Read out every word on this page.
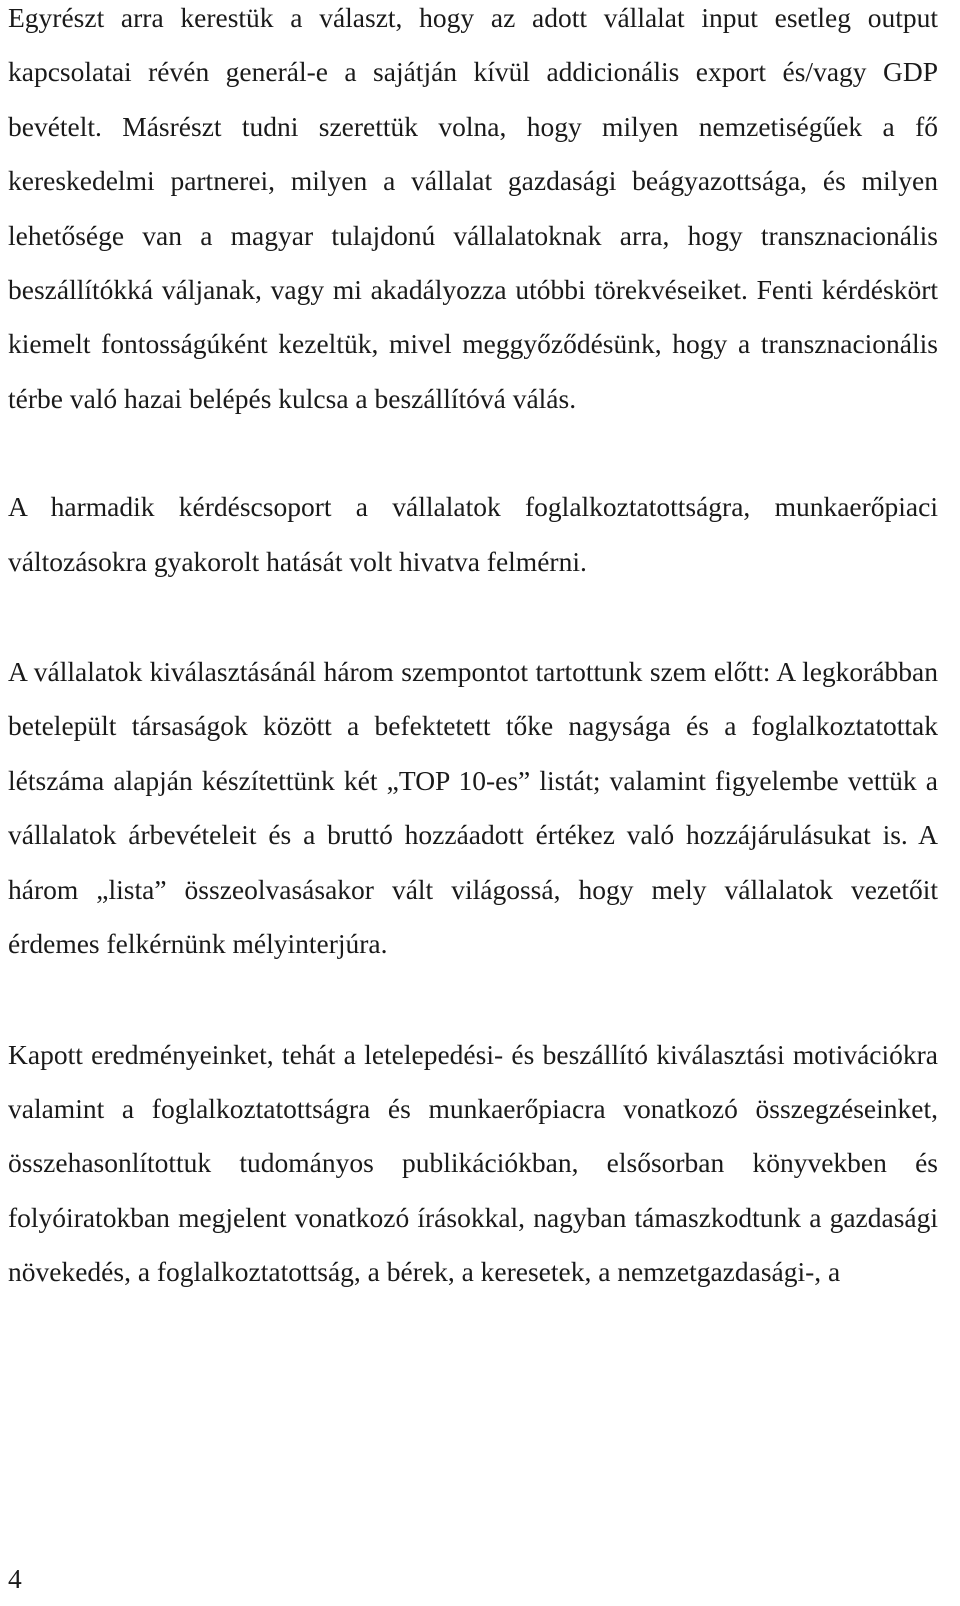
Egyrészt arra kerestük a választ, hogy az adott vállalat input esetleg output kapcsolatai révén generál-e a sajátján kívül addicionális export és/vagy GDP bevételt. Másrészt tudni szerettük volna, hogy milyen nemzetiségűek a fő kereskedelmi partnerei, milyen a vállalat gazdasági beágyazottsága, és milyen lehetősége van a magyar tulajdonú vállalatoknak arra, hogy transznacionális beszállítókká váljanak, vagy mi akadályozza utóbbi törekvéseiket. Fenti kérdéskört kiemelt fontosságúként kezeltük, mivel meggyőződésünk, hogy a transznacionális térbe való hazai belépés kulcsa a beszállítóvá válás.

A harmadik kérdéscsoport a vállalatok foglalkoztatottságra, munkaerőpiaci változásokra gyakorolt hatását volt hivatva felmérni.

A vállalatok kiválasztásánál három szempontot tartottunk szem előtt: A legkorábban betelepült társaságok között a befektetett tőke nagysága és a foglalkoztatottak létszáma alapján készítettünk két „TOP 10-es” listát; valamint figyelembe vettük a vállalatok árbevételeit és a bruttó hozzáadott értékez való hozzájárulásukat is. A három „lista” összeolvasásakor vált világossá, hogy mely vállalatok vezetőit érdemes felkérnünk mélyinterjúra.

Kapott eredményeinket, tehát a letelepedési- és beszállító kiválasztási motivációkra valamint a foglalkoztatottságra és munkaerőpiacra vonatkozó összegzéseinket, összehasonlítottuk tudományos publikációkban, elsősorban könyvekben és folyóiratokban megjelent vonatkozó írásokkal, nagyban támaszkodtunk a gazdasági növekedés, a foglalkoztatottság, a bérek, a keresetek, a nemzetgazdasági-, a

4
